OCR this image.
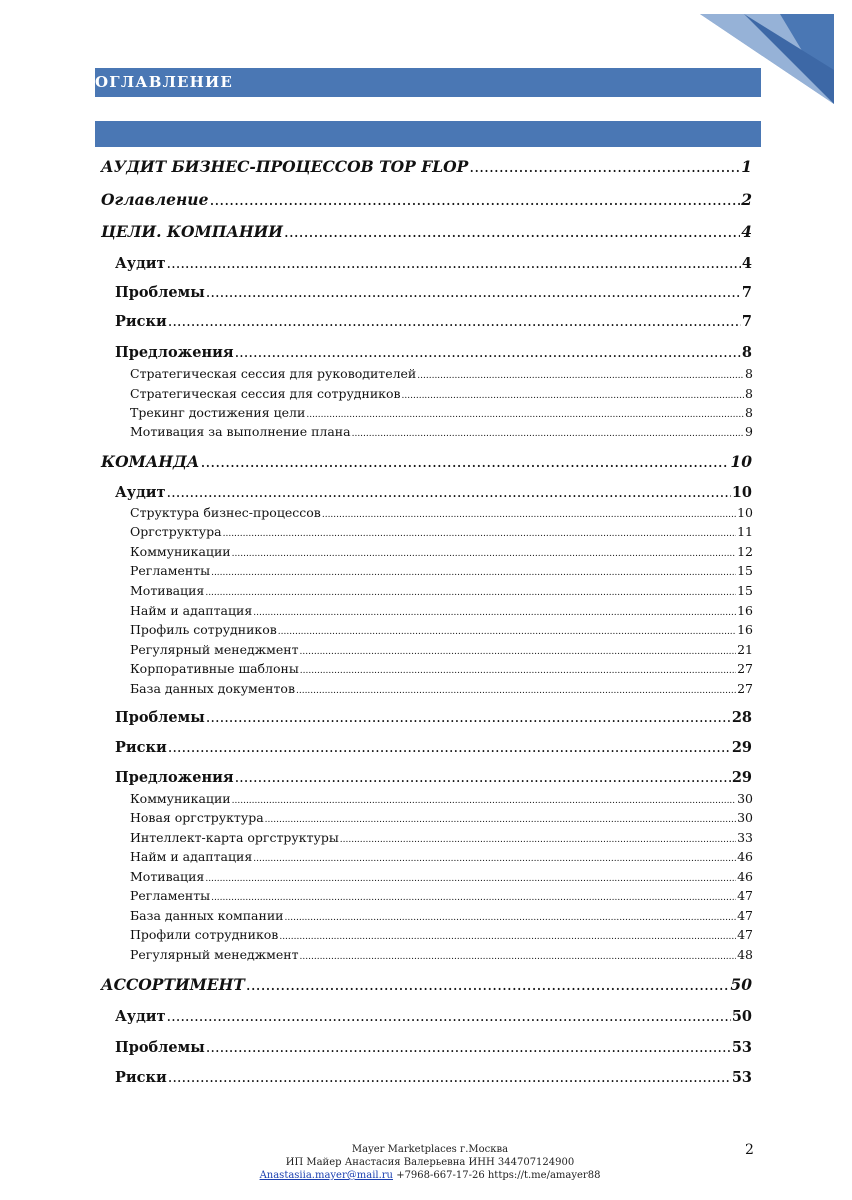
ОГЛАВЛЕНИЕ
АУДИТ БИЗНЕС-ПРОЦЕССОВ TOP FLOP .....	1
Оглавление .....	2
ЦЕЛИ. КОМПАНИИ .....	4
Аудит .....	4
Проблемы .....	7
Риски .....	7
Предложения .....	8
Стратегическая сессия для руководителей .....	8
Стратегическая сессия для сотрудников .....	8
Трекинг достижения цели .....	8
Мотивация за выполнение плана .....	9
КОМАНДА .....	10
Аудит .....	10
Структура бизнес-процессов .....	10
Оргструктура .....	11
Коммуникации .....	12
Регламенты .....	15
Мотивация .....	15
Найм и адаптация .....	16
Профиль сотрудников .....	16
Регулярный менеджмент .....	21
Корпоративные шаблоны .....	27
База данных документов .....	27
Проблемы .....	28
Риски .....	29
Предложения .....	29
Коммуникации .....	30
Новая оргструктура .....	30
Интеллект-карта оргструктуры .....	33
Найм и адаптация .....	46
Мотивация .....	46
Регламенты .....	47
База данных компании .....	47
Профили сотрудников .....	47
Регулярный менеджмент .....	48
АССОРТИМЕНТ .....	50
Аудит .....	50
Проблемы .....	53
Риски .....	53
Mayer Marketplaces г.Москва
ИП Майер Анастасия Валерьевна ИНН 344707124900
Anastasiia.mayer@mail.ru +7968-667-17-26 https://t.me/amayer88
2
